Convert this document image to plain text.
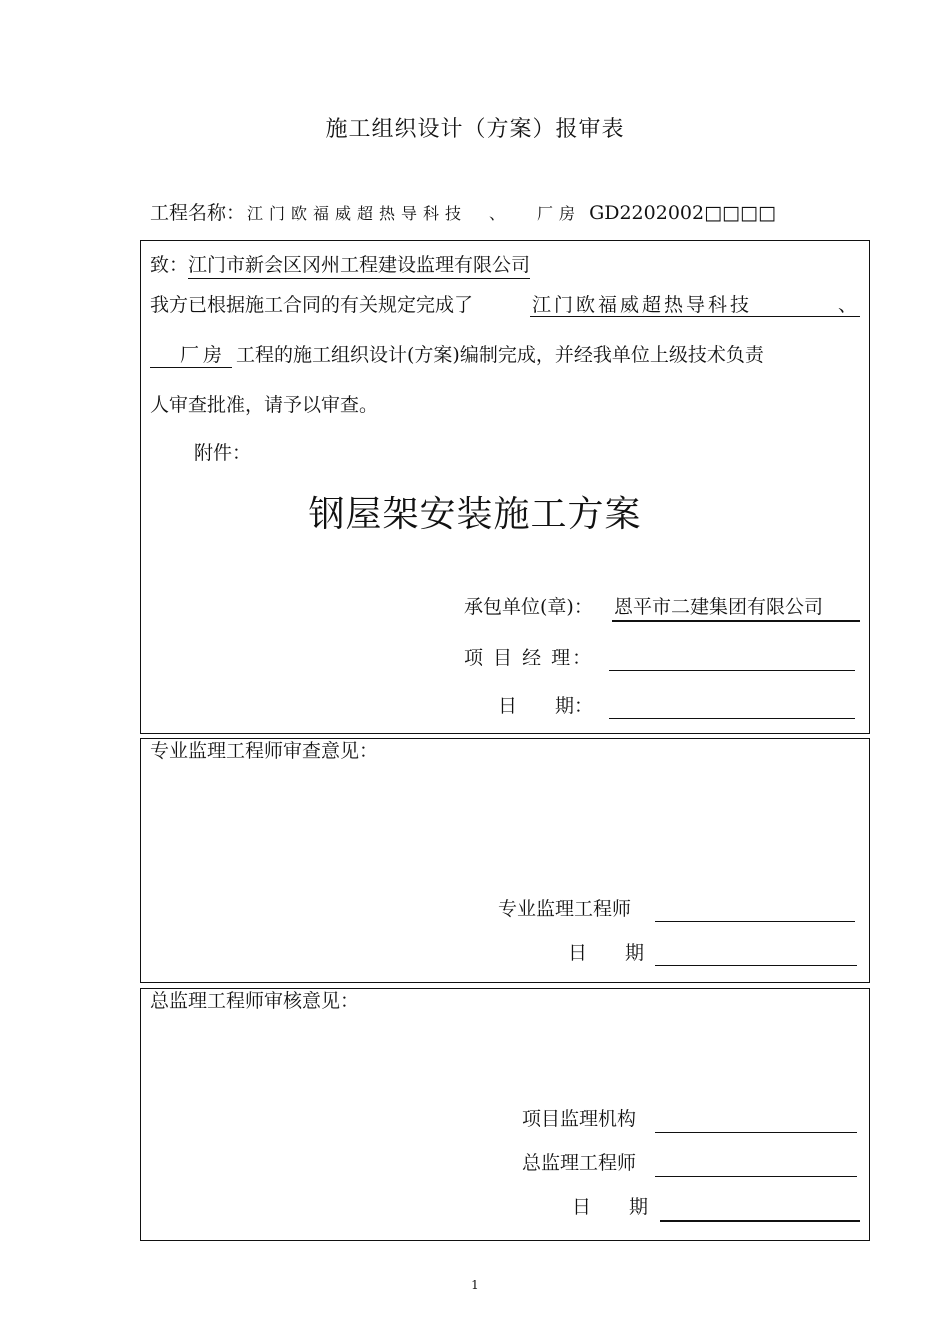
施工组织设计（方案）报审表
工程名称： 江门欧福威超热导科技 、 厂房 GD2202002□□□□
致：江门市新会区冈州工程建设监理有限公司
我方已根据施工合同的有关规定完成了	江门欧福威超热导科技	、
厂房 工程的施工组织设计(方案)编制完成，并经我单位上级技术负责
人审查批准，请予以审查。
附件：
钢屋架安装施工方案
承包单位(章)： 恩平市二建集团有限公司
项 目 经 理：
日　　期：
专业监理工程师审查意见：
专业监理工程师
日　　期
总监理工程师审核意见：
项目监理机构
总监理工程师
日　　期
1
